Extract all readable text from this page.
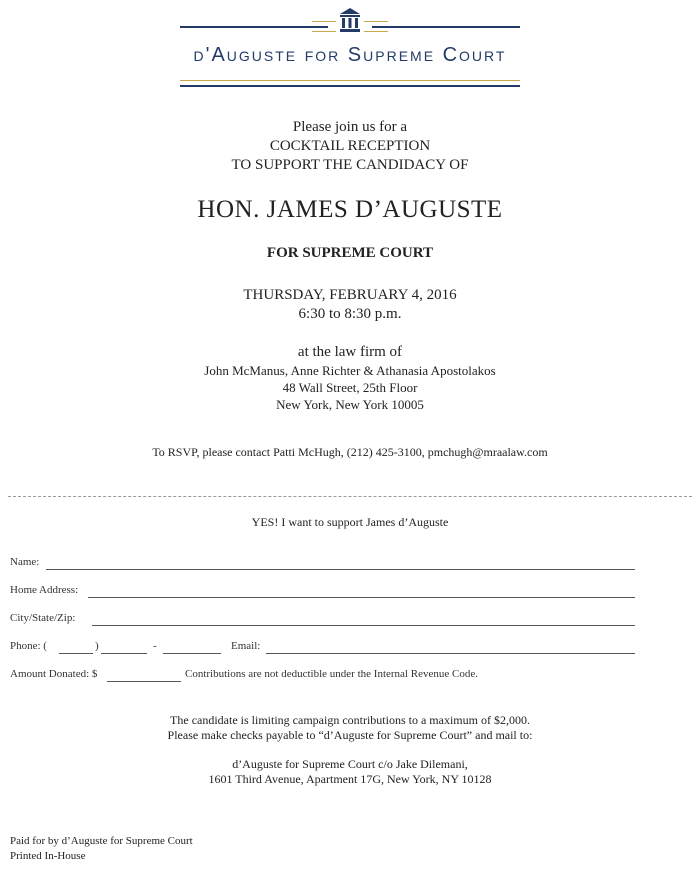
d'Auguste for Supreme Court
Please join us for a
COCKTAIL RECEPTION
TO SUPPORT THE CANDIDACY OF
HON. JAMES D’AUGUSTE
FOR SUPREME COURT
THURSDAY, FEBRUARY 4, 2016
6:30 to 8:30 p.m.
at the law firm of
John McManus, Anne Richter & Athanasia Apostolakos
48 Wall Street, 25th Floor
New York, New York 10005
To RSVP, please contact Patti McHugh, (212) 425-3100, pmchugh@mraalaw.com
YES! I want to support James d’Auguste
Name:
Home Address:
City/State/Zip:
Phone: (	)	-	Email:
Amount Donated: $	Contributions are not deductible under the Internal Revenue Code.
The candidate is limiting campaign contributions to a maximum of $2,000.
Please make checks payable to “d’Auguste for Supreme Court” and mail to:
d’Auguste for Supreme Court c/o Jake Dilemani,
1601 Third Avenue, Apartment 17G, New York, NY 10128
Paid for by d’Auguste for Supreme Court
Printed In-House
